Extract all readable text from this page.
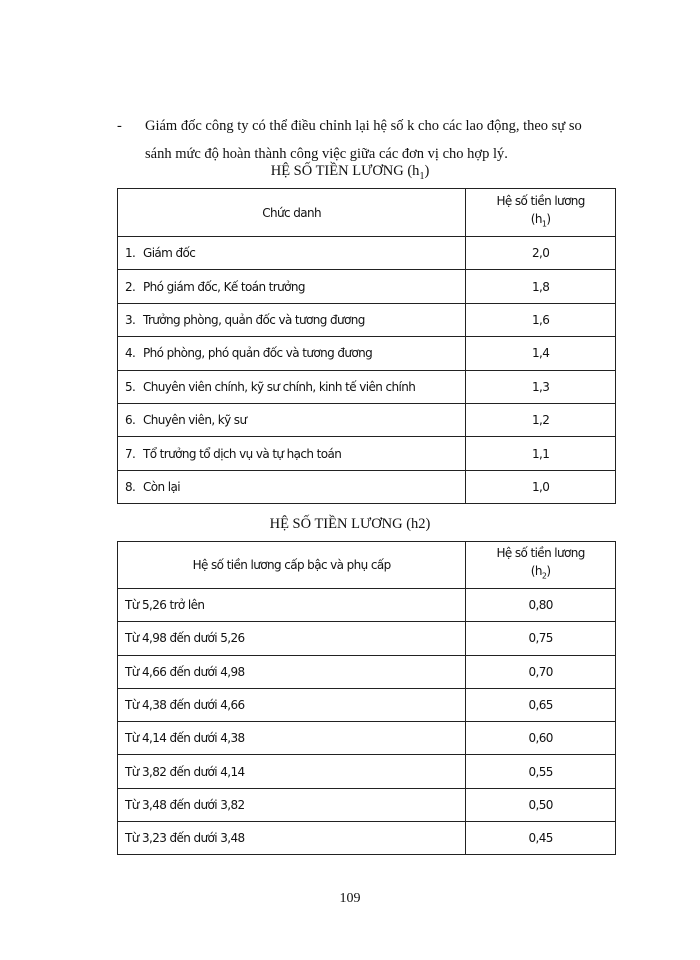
- Giám đốc công ty có thể điều chỉnh lại hệ số k cho các lao động, theo sự so
sánh mức độ hoàn thành công việc giữa các đơn vị cho hợp lý.
HỆ SỐ TIỀN LƯƠNG $(h_1)$
Chức danh	Hệ số tiền lương
$(h_1)$
1. Giám đốc	2,0
2. Phó giám đốc, Kế toán trưởng	1,8
3. Trưởng phòng, quản đốc và tương đương	1,6
4. Phó phòng, phó quản đốc và tương đương	1,4
5. Chuyên viên chính, kỹ sư chính, kinh tế viên chính	1,3
6. Chuyên viên, kỹ sư	1,2
7. Tổ trưởng tổ dịch vụ và tự hạch toán	1,1
8. Còn lại	1,0
HỆ SỐ TIỀN LƯƠNG (h2)
Hệ số tiền lương cấp bậc và phụ cấp	Hệ số tiền lương
$(h_2)$
Từ 5,26 trở lên	0,80
Từ 4,98 đến dưới 5,26	0,75
Từ 4,66 đến dưới 4,98	0,70
Từ 4,38 đến dưới 4,66	0,65
Từ 4,14 đến dưới 4,38	0,60
Từ 3,82 đến dưới 4,14	0,55
Từ 3,48 đến dưới 3,82	0,50
Từ 3,23 đến dưới 3,48	0,45
109
